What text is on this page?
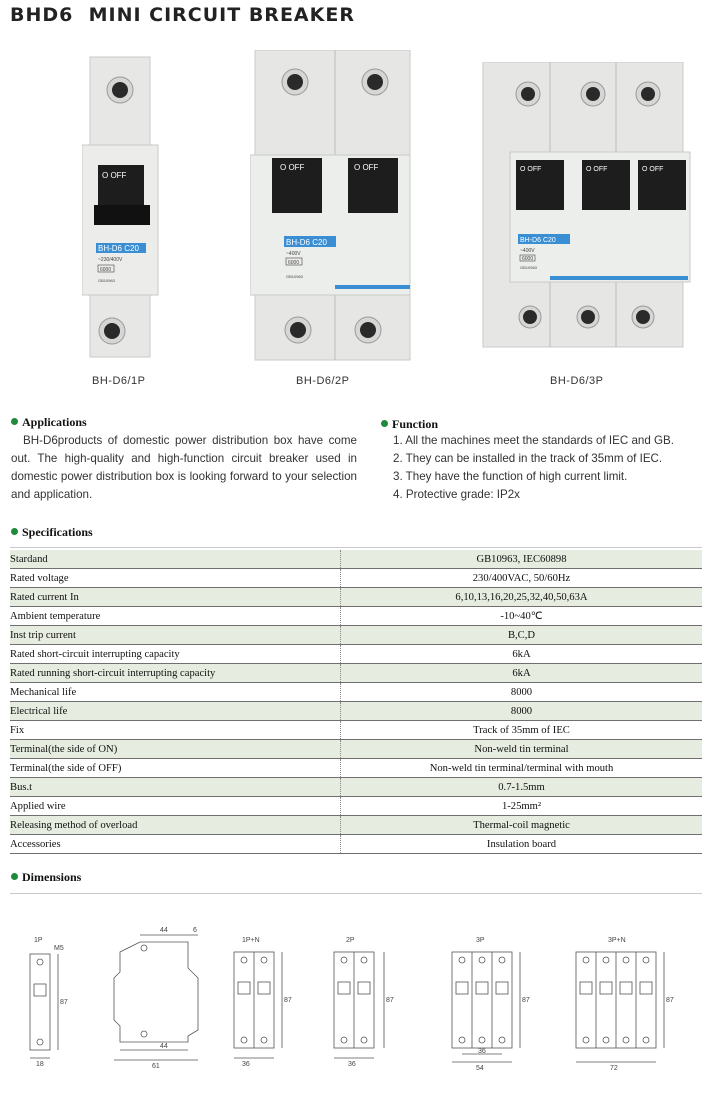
BHD6  MINI CIRCUIT BREAKER
O OFF
BH-D6 C20
~230/400V
6000
GB10963
O OFF	O OFF
BH-D6 C20
~400V
6000
GB10963
O OFF	O OFF	O OFF
BH-D6 C20
~400V
6000
GB10963
BH-D6/1P	BH-D6/2P	BH-D6/3P
Applications

BH-D6products of domestic power distribution box have come out. The high-quality and high-function circuit breaker used in domestic power distribution box is looking forward to your selection and application.

Function
1. All the machines meet the standards of IEC and GB.
2. They can be installed in the track of 35mm of IEC.
3. They have the function of high current limit.
4. Protective grade: IP2x
Specifications
Stardand	GB10963, IEC60898
Rated voltage	230/400VAC, 50/60Hz
Rated current In	6,10,13,16,20,25,32,40,50,63A
Ambient temperature	-10~40℃
Inst trip current	B,C,D
Rated short-circuit interrupting capacity	6kA
Rated running short-circuit interrupting capacity	6kA
Mechanical life	8000
Electrical life	8000
Fix	Track of 35mm of IEC
Terminal(the side of ON)	Non-weld tin terminal
Terminal(the side of OFF)	Non-weld tin terminal/terminal with mouth
Bus.t	0.7-1.5mm
Applied wire	1-25mm²
Releasing method of overload	Thermal-coil magnetic
Accessories	Insulation board
Dimensions
1P
M5
87
18
44	6
44
61
1P+N
87
36
2P
87
36
3P
87
36
54
3P+N
87
72
